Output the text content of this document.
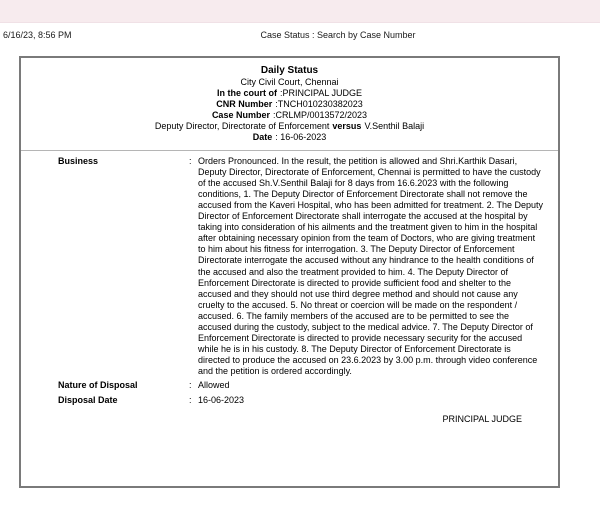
6/16/23, 8:56 PM	Case Status : Search by Case Number
Daily Status
City Civil Court, Chennai
In the court of :PRINCIPAL JUDGE
CNR Number :TNCH010230382023
Case Number :CRLMP/0013572/2023
Deputy Director, Directorate of Enforcement versus V.Senthil Balaji
Date : 16-06-2023
Business	: Orders Pronounced. In the result, the petition is allowed and Shri.Karthik Dasari, Deputy Director, Directorate of Enforcement, Chennai is permitted to have the custody of the accused Sh.V.Senthil Balaji for 8 days from 16.6.2023 with the following conditions, 1. The Deputy Director of Enforcement Directorate shall not remove the accused from the Kaveri Hospital, who has been admitted for treatment. 2. The Deputy Director of Enforcement Directorate shall interrogate the accused at the hospital by taking into consideration of his ailments and the treatment given to him in the hospital after obtaining necessary opinion from the team of Doctors, who are giving treatment to him about his fitness for interrogation. 3. The Deputy Director of Enforcement Directorate interrogate the accused without any hindrance to the health conditions of the accused and also the treatment provided to him. 4. The Deputy Director of Enforcement Directorate is directed to provide sufficient food and shelter to the accused and they should not use third degree method and should not cause any cruelty to the accused. 5. No threat or coercion will be made on the respondent / accused. 6. The family members of the accused are to be permitted to see the accused during the custody, subject to the medical advice. 7. The Deputy Director of Enforcement Directorate is directed to provide necessary security for the accused while he is in his custody. 8. The Deputy Director of Enforcement Directorate is directed to produce the accused on 23.6.2023 by 3.00 p.m. through video conference and the petition is ordered accordingly.
Nature of Disposal	: Allowed
Disposal Date	: 16-06-2023
PRINCIPAL JUDGE
